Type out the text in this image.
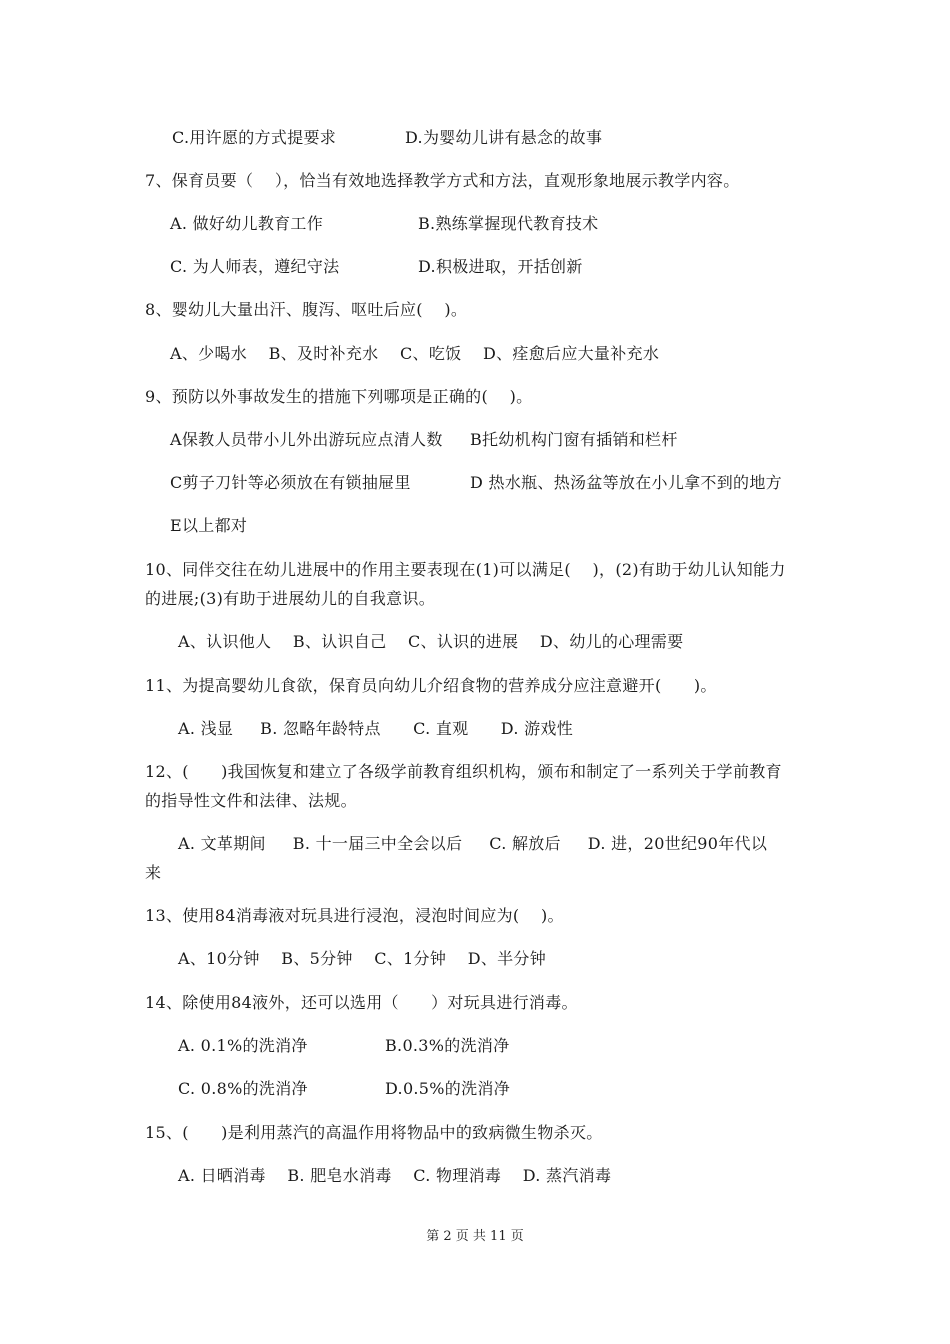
C.用许愿的方式提要求	D.为婴幼儿讲有悬念的故事
7、保育员要（    ），恰当有效地选择教学方式和方法，直观形象地展示教学内容。
A. 做好幼儿教育工作	B.熟练掌握现代教育技术
C. 为人师表，遵纪守法	D.积极进取，开括创新
8、婴幼儿大量出汗、腹泻、呕吐后应(    )。
A、少喝水    B、及时补充水    C、吃饭    D、痊愈后应大量补充水
9、预防以外事故发生的措施下列哪项是正确的(    )。
A保教人员带小儿外出游玩应点清人数 B托幼机构门窗有插销和栏杆
C剪子刀针等必须放在有锁抽屉里	D 热水瓶、热汤盆等放在小儿拿不到的地方
E以上都对
10、同伴交往在幼儿进展中的作用主要表现在(1)可以满足(    )，(2)有助于幼儿认知能力
的进展;(3)有助于进展幼儿的自我意识。
A、认识他人    B、认识自己    C、认识的进展    D、幼儿的心理需要
11、为提高婴幼儿食欲，保育员向幼儿介绍食物的营养成分应注意避开(      )。
A. 浅显     B. 忽略年龄特点      C. 直观      D. 游戏性
12、(      )我国恢复和建立了各级学前教育组织机构，颁布和制定了一系列关于学前教育
的指导性文件和法律、法规。
A. 文革期间     B. 十一届三中全会以后     C. 解放后     D. 进，20世纪90年代以
来
13、使用84消毒液对玩具进行浸泡，浸泡时间应为(    )。
A、10分钟    B、5分钟    C、1分钟    D、半分钟
14、除使用84液外，还可以选用（      ）对玩具进行消毒。
A. 0.1%的洗消净	B.0.3%的洗消净
C. 0.8%的洗消净	D.0.5%的洗消净
15、(      )是利用蒸汽的高温作用将物品中的致病微生物杀灭。
A. 日晒消毒    B. 肥皂水消毒    C. 物理消毒    D. 蒸汽消毒
第 2 页 共 11 页
